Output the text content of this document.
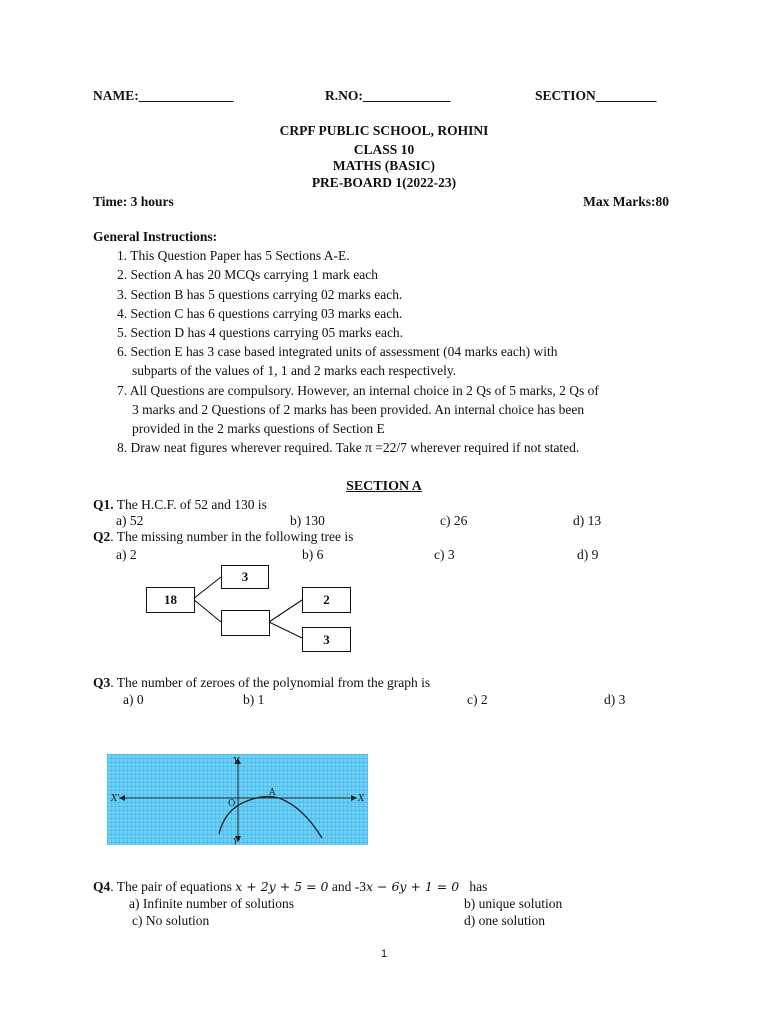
NAME:______________	R.NO:_____________	SECTION_________
CRPF PUBLIC SCHOOL, ROHINI
CLASS 10
MATHS (BASIC)
PRE-BOARD 1(2022-23)
Time: 3 hours	Max Marks:80
General Instructions:
1. This Question Paper has 5 Sections A-E.
2. Section A has 20 MCQs carrying 1 mark each
3. Section B has 5 questions carrying 02 marks each.
4. Section C has 6 questions carrying 03 marks each.
5. Section D has 4 questions carrying 05 marks each.
6. Section E has 3 case based integrated units of assessment (04 marks each) with
subparts of the values of 1, 1 and 2 marks each respectively.
7. All Questions are compulsory. However, an internal choice in 2 Qs of 5 marks, 2 Qs of
3 marks and 2 Questions of 2 marks has been provided. An internal choice has been
provided in the 2 marks questions of Section E
8. Draw neat figures wherever required. Take π =22/7 wherever required if not stated.
SECTION A
Q1. The H.C.F. of 52 and 130 is
a) 52	b) 130	c) 26	d) 13
Q2. The missing number in the following tree is
a) 2	b) 6	c) 3	d) 9
18
3
2
3
Q3. The number of zeroes of the polynomial from the graph is
a) 0	b) 1	c) 2	d) 3
X'	X
Y
Y'
O
A
Q4. The pair of equations x + 2y + 5 = 0 and -3x − 6y + 1 = 0 has
a) Infinite number of solutions	b) unique solution
c) No solution	d) one solution
1
